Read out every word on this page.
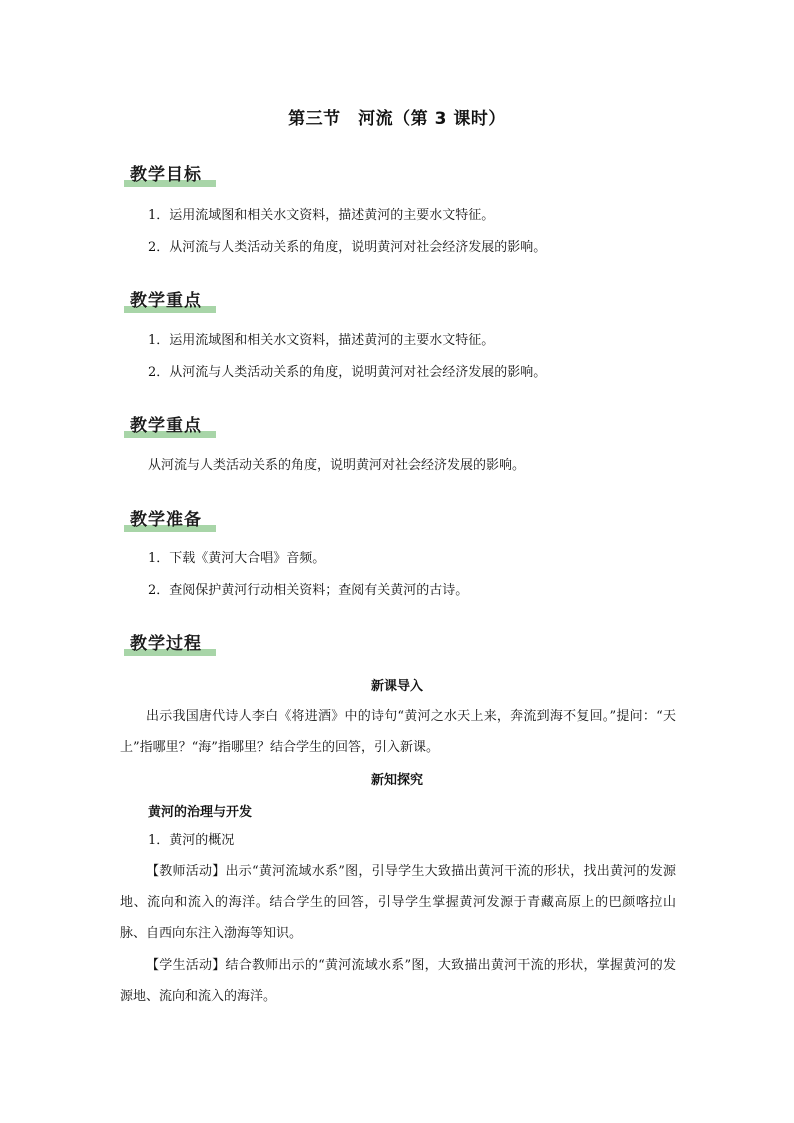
第三节　河流（第 3 课时）
教学目标
1．运用流域图和相关水文资料，描述黄河的主要水文特征。
2．从河流与人类活动关系的角度，说明黄河对社会经济发展的影响。
教学重点
1．运用流域图和相关水文资料，描述黄河的主要水文特征。
2．从河流与人类活动关系的角度，说明黄河对社会经济发展的影响。
教学重点
从河流与人类活动关系的角度，说明黄河对社会经济发展的影响。
教学准备
1．下载《黄河大合唱》音频。
2．查阅保护黄河行动相关资料；查阅有关黄河的古诗。
教学过程
新课导入
出示我国唐代诗人李白《将进酒》中的诗句“黄河之水天上来，奔流到海不复回。”提问：“天上”指哪里？“海”指哪里？结合学生的回答，引入新课。
新知探究
黄河的治理与开发
1．黄河的概况
【教师活动】出示“黄河流域水系”图，引导学生大致描出黄河干流的形状，找出黄河的发源地、流向和流入的海洋。结合学生的回答，引导学生掌握黄河发源于青藏高原上的巴颜喀拉山脉、自西向东注入渤海等知识。
【学生活动】结合教师出示的“黄河流域水系”图，大致描出黄河干流的形状，掌握黄河的发源地、流向和流入的海洋。
